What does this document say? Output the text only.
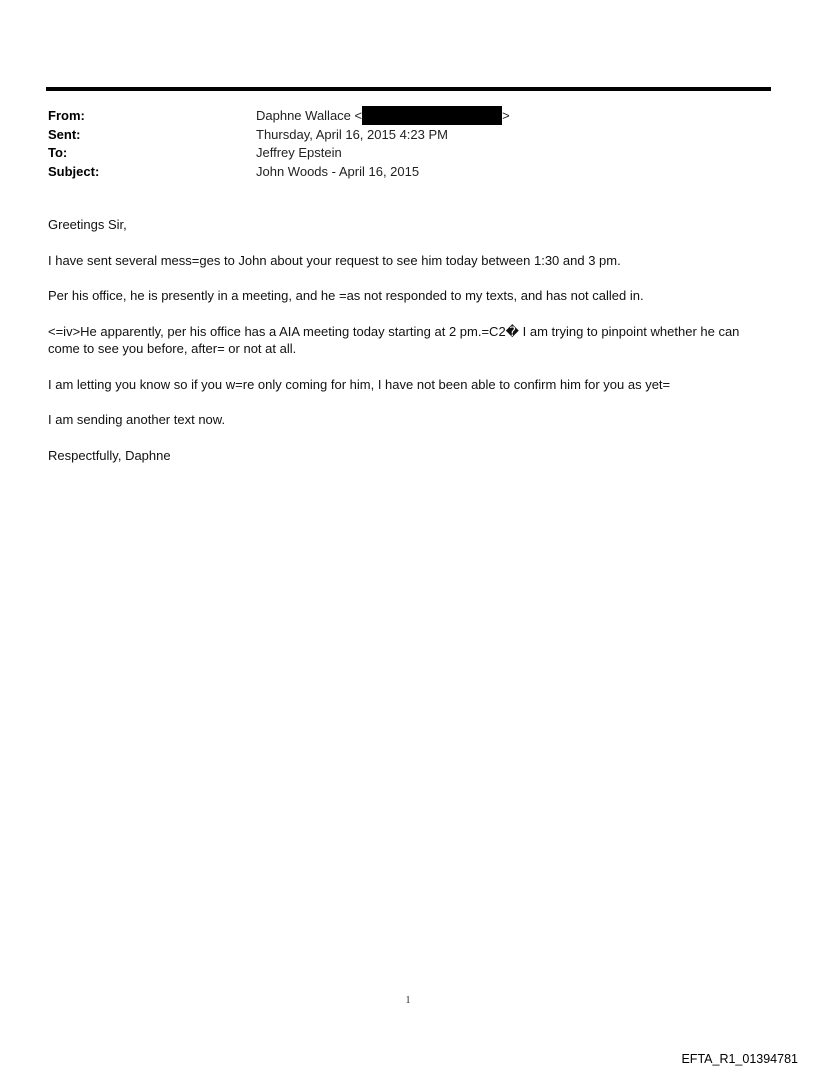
From:	Daphne Wallace <	>
Sent:	Thursday, April 16, 2015 4:23 PM
To:	Jeffrey Epstein
Subject:	John Woods - April 16, 2015

Greetings Sir,

I have sent several mess=ges to John about your request to see him today between 1:30 and 3 pm.

Per his office, he is presently in a meeting, and he =as not responded to my texts, and has not called in.

<=iv>He apparently, per his office has a AIA meeting today starting at 2 pm.=C2� I am trying to pinpoint whether he can come to see you before, after= or not at all.

I am letting you know so if you w=re only coming for him, I have not been able to confirm him for you as yet=

I am sending another text now.

Respectfully, Daphne

1
EFTA_R1_01394781
